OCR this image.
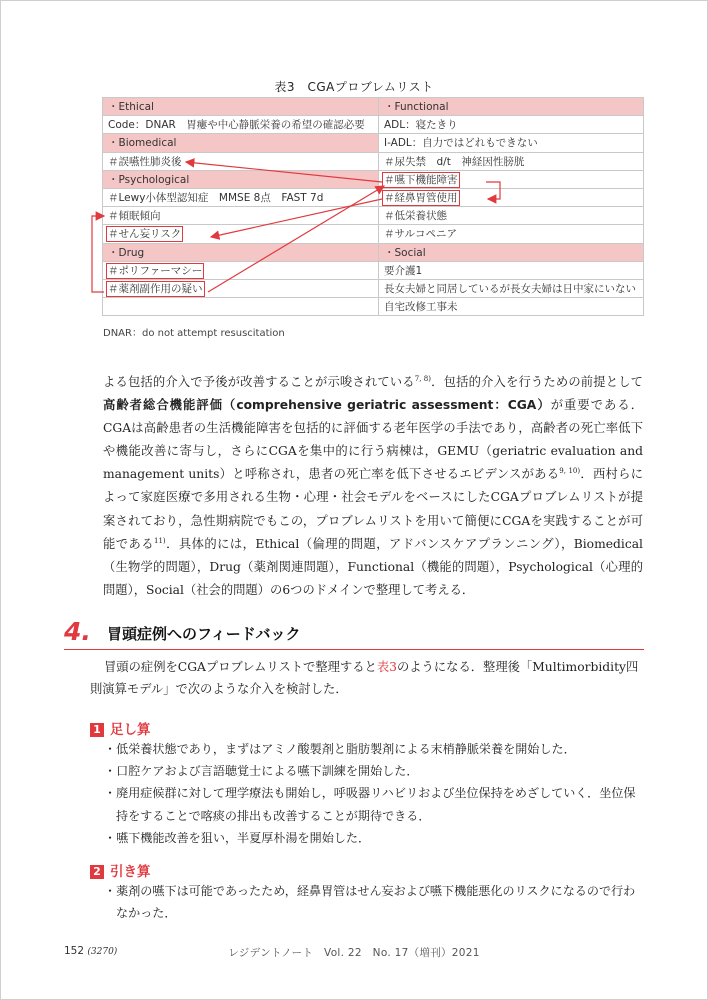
表3　CGAプロブレムリスト
・Ethical	・Functional
Code：DNAR　胃瘻や中心静脈栄養の希望の確認必要	ADL：寝たきり
・Biomedical	I-ADL：自力ではどれもできない
＃誤嚥性肺炎後	＃尿失禁　d/t　神経因性膀胱
・Psychological	＃嚥下機能障害
＃Lewy小体型認知症　MMSE 8点　FAST 7d	＃経鼻胃管使用
＃傾眠傾向	＃低栄養状態
＃せん妄リスク	＃サルコペニア
・Drug	・Social
＃ポリファーマシー	要介護1
＃薬剤副作用の疑い	長女夫婦と同居しているが長女夫婦は日中家にいない
	自宅改修工事未
DNAR：do not attempt resuscitation
よる包括的介入で予後が改善することが示唆されている$^{7, 8)}$．包括的介入を行うための前提として高齢者総合機能評価（comprehensive geriatric assessment：CGA）が重要である．CGAは高齢患者の生活機能障害を包括的に評価する老年医学の手法であり，高齢者の死亡率低下や機能改善に寄与し，さらにCGAを集中的に行う病棟は，GEMU（geriatric evaluation and management units）と呼称され，患者の死亡率を低下させるエビデンスがある$^{9, 10)}$．西村らによって家庭医療で多用される生物・心理・社会モデルをベースにしたCGAプロブレムリストが提案されており，急性期病院でもこの，プロブレムリストを用いて簡便にCGAを実践することが可能である$^{11)}$．具体的には，Ethical（倫理的問題，アドバンスケアプランニング），Biomedical（生物学的問題），Drug（薬剤関連問題），Functional（機能的問題），Psychological（心理的問題），Social（社会的問題）の6つのドメインで整理して考える．
4. 冒頭症例へのフィードバック
冒頭の症例をCGAプロブレムリストで整理すると表3のようになる．整理後「Multimorbidity四則演算モデル」で次のような介入を検討した．
1 足し算
・低栄養状態であり，まずはアミノ酸製剤と脂肪製剤による末梢静脈栄養を開始した．
・口腔ケアおよび言語聴覚士による嚥下訓練を開始した．
・廃用症候群に対して理学療法も開始し，呼吸器リハビリおよび坐位保持をめざしていく．坐位保持をすることで喀痰の排出も改善することが期待できる．
・嚥下機能改善を狙い，半夏厚朴湯を開始した．
2 引き算
・薬剤の嚥下は可能であったため，経鼻胃管はせん妄および嚥下機能悪化のリスクになるので行わなかった．
152 (3270)	レジデントノート　Vol. 22　No. 17（増刊）2021
